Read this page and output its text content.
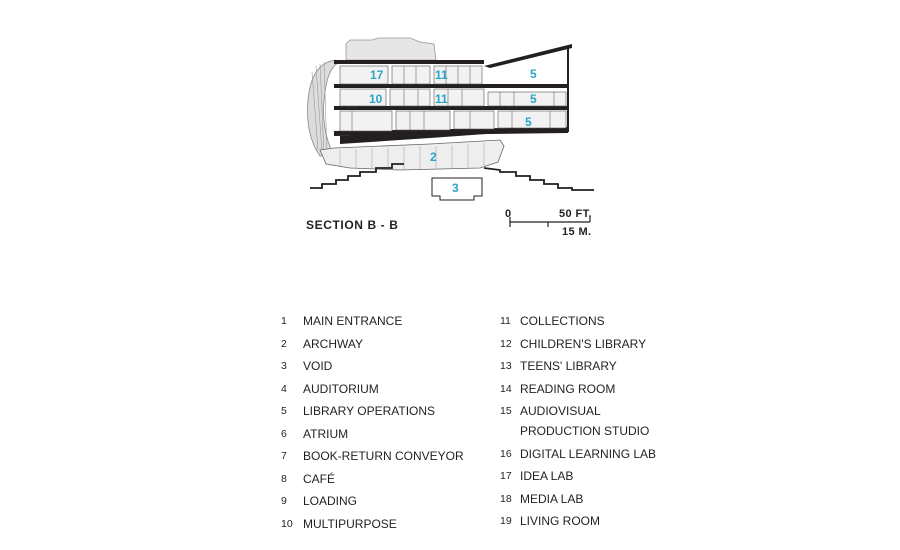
17	11	5
10	11	5
5
2
3
SECTION B - B
0	50 FT.
15 M.
1	MAIN ENTRANCE
2	ARCHWAY
3	VOID
4	AUDITORIUM
5	LIBRARY OPERATIONS
6	ATRIUM
7	BOOK-RETURN CONVEYOR
8	CAFÉ
9	LOADING
10 MULTIPURPOSE
11 COLLECTIONS
12 CHILDREN'S LIBRARY
13 TEENS' LIBRARY
14 READING ROOM
15 AUDIOVISUAL
PRODUCTION STUDIO
16 DIGITAL LEARNING LAB
17 IDEA LAB
18 MEDIA LAB
19 LIVING ROOM
